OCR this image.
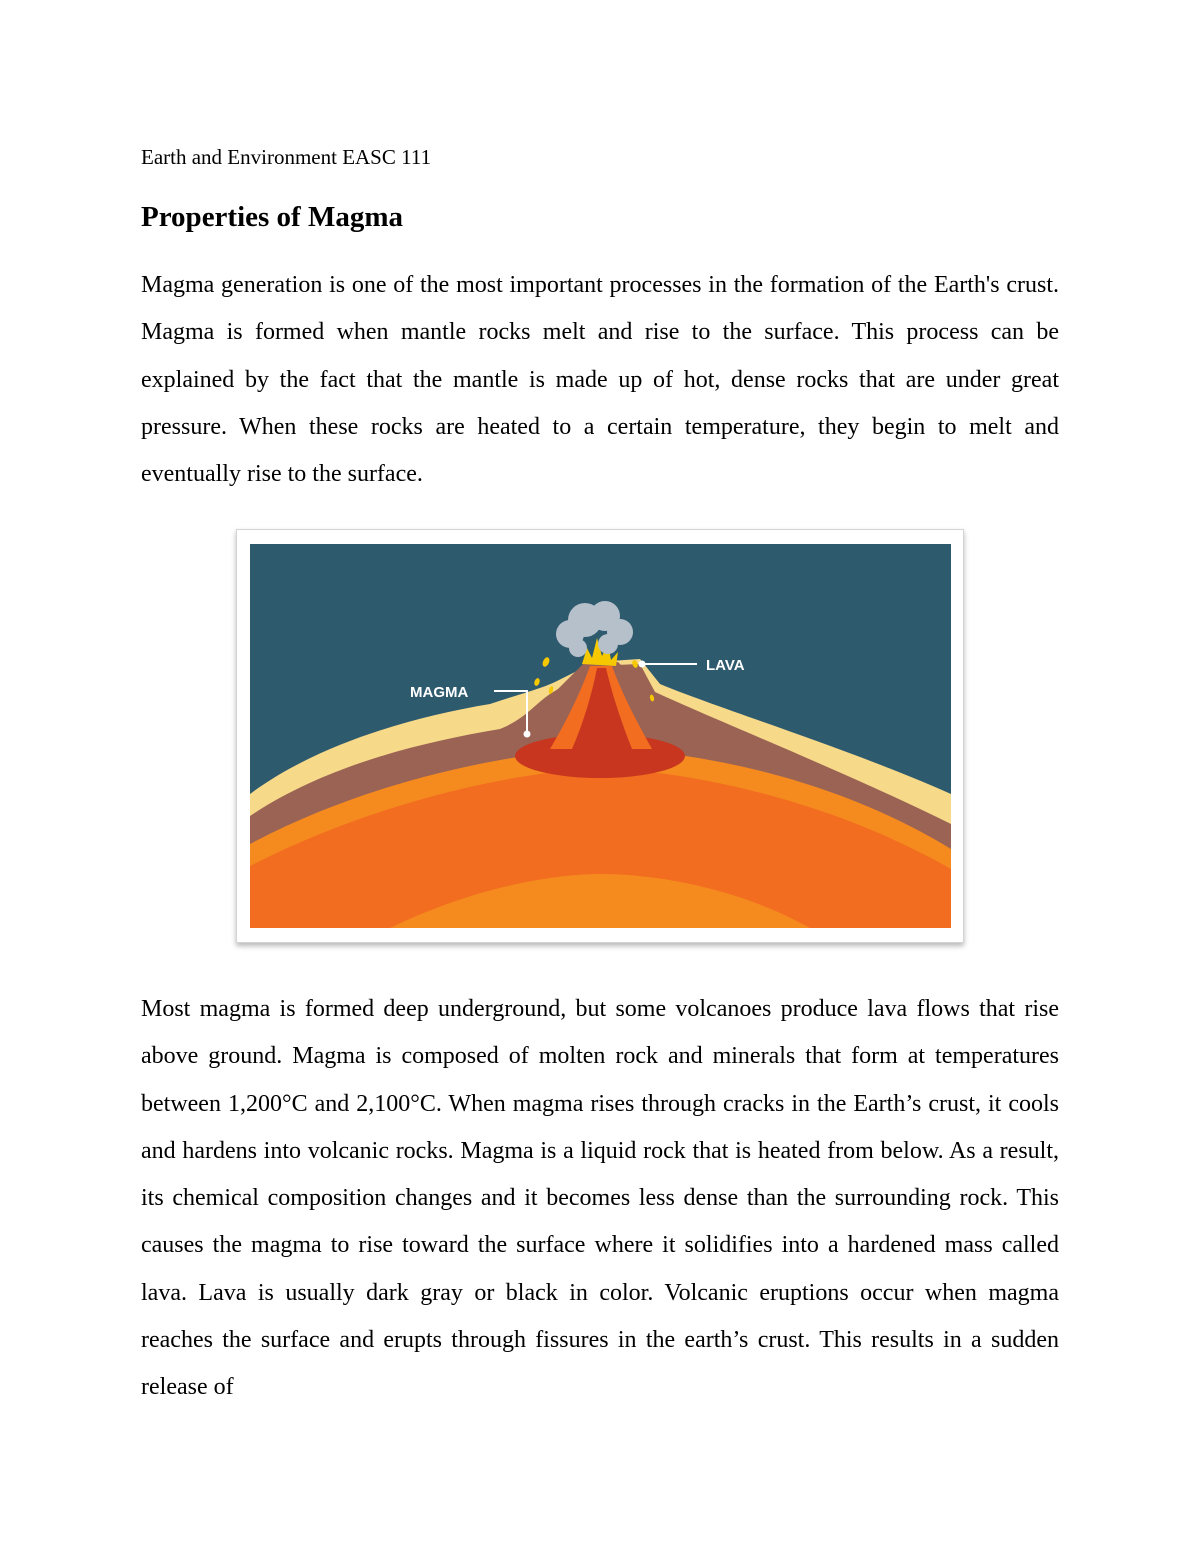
Earth and Environment EASC 111
Properties of Magma

Magma generation is one of the most important processes in the formation of the Earth's crust. Magma is formed when mantle rocks melt and rise to the surface. This process can be explained by the fact that the mantle is made up of hot, dense rocks that are under great pressure. When these rocks are heated to a certain temperature, they begin to melt and eventually rise to the surface.

MAGMA
LAVA

Most magma is formed deep underground, but some volcanoes produce lava flows that rise above ground. Magma is composed of molten rock and minerals that form at temperatures between 1,200°C and 2,100°C. When magma rises through cracks in the Earth’s crust, it cools and hardens into volcanic rocks. Magma is a liquid rock that is heated from below. As a result, its chemical composition changes and it becomes less dense than the surrounding rock. This causes the magma to rise toward the surface where it solidifies into a hardened mass called lava. Lava is usually dark gray or black in color. Volcanic eruptions occur when magma reaches the surface and erupts through fissures in the earth’s crust. This results in a sudden release of
